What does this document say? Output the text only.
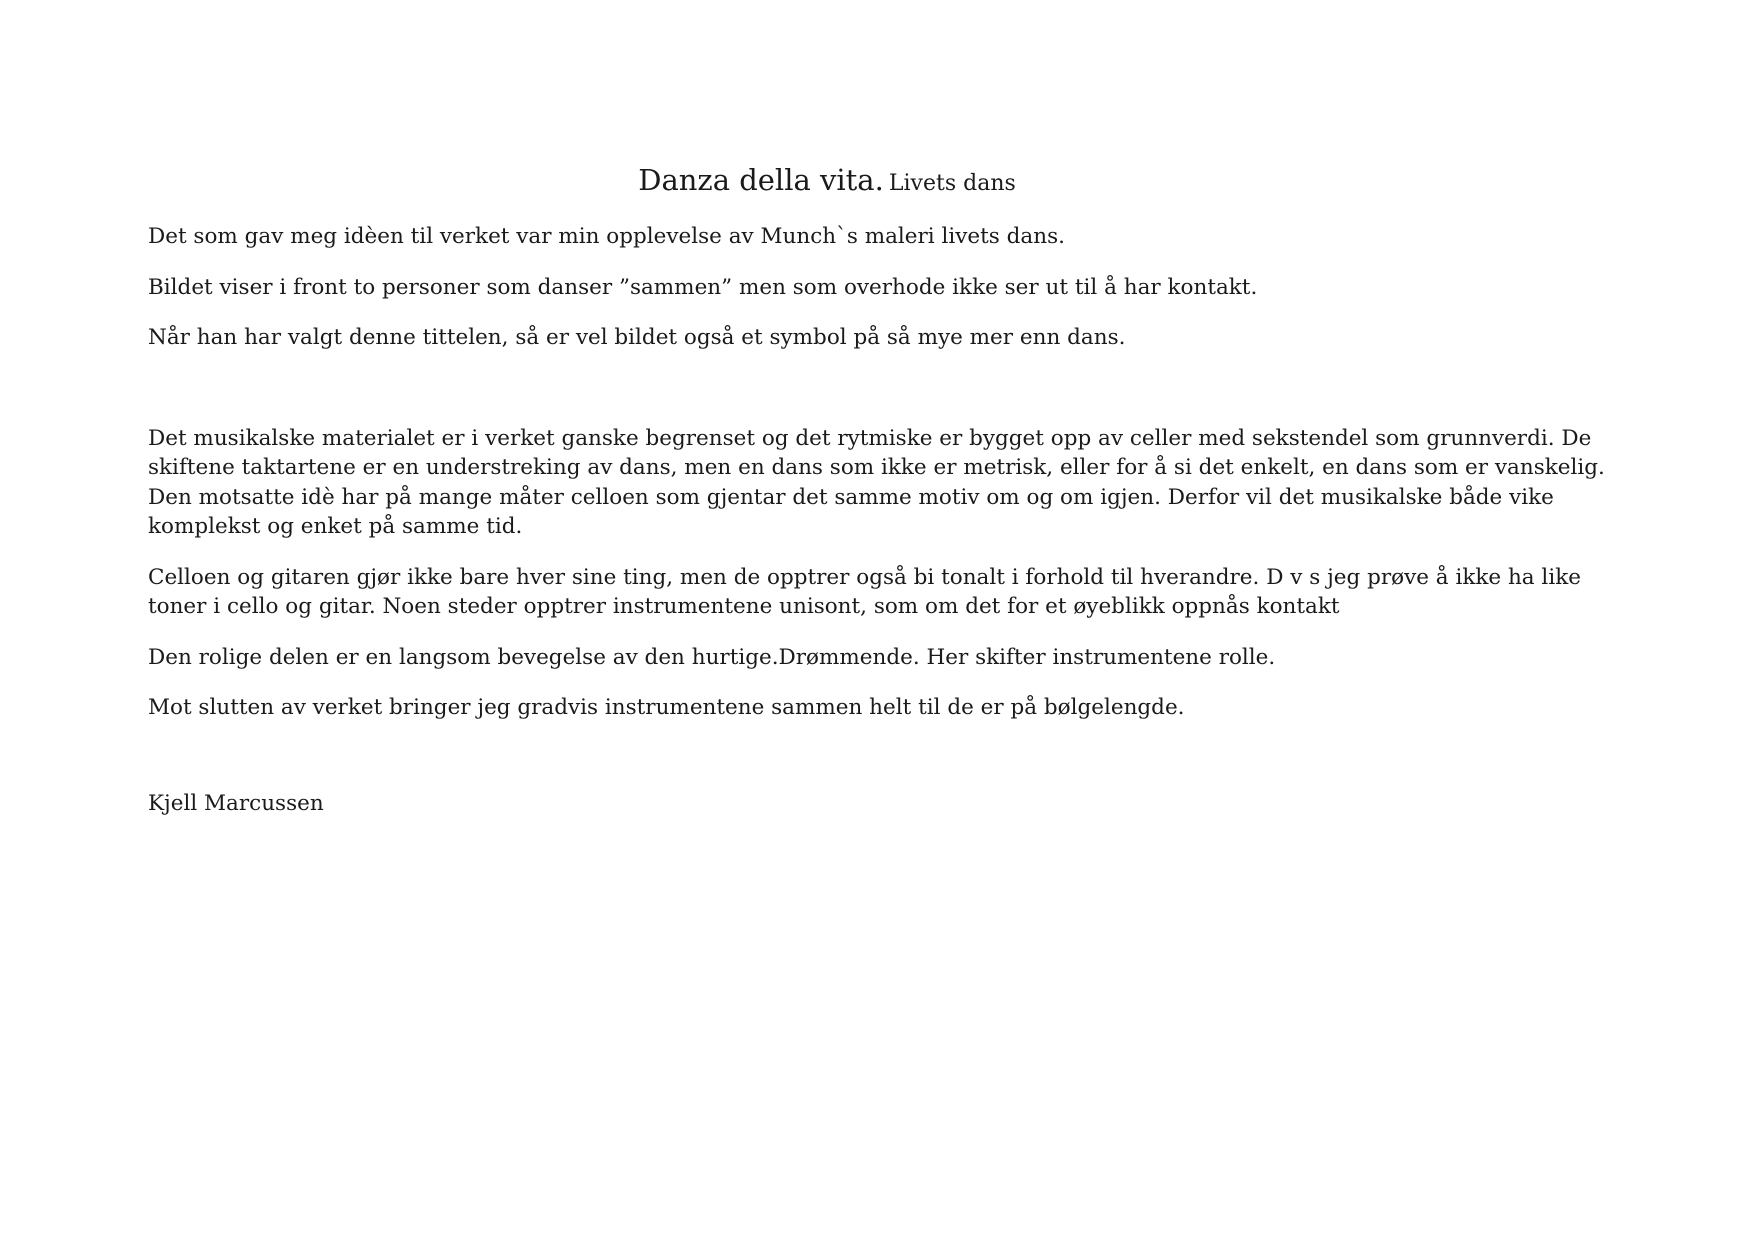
Danza della vita. Livets dans

Det som gav meg idèen til verket var min opplevelse av Munch`s maleri livets dans.

Bildet viser i front to personer som danser ”sammen” men som overhode ikke ser ut til å har kontakt.

Når han har valgt denne tittelen, så er vel bildet også et symbol på så mye mer enn dans.

Det musikalske materialet er i verket ganske begrenset og det rytmiske er bygget opp av celler med sekstendel som grunnverdi. De skiftene taktartene er en understreking av dans, men en dans som ikke er metrisk, eller for å si det enkelt, en dans som er vanskelig. Den motsatte idè har på mange måter celloen som gjentar det samme motiv om og om igjen. Derfor vil det musikalske både vike komplekst og enket på samme tid.

Celloen og gitaren gjør ikke bare hver sine ting, men de opptrer også bi tonalt i forhold til hverandre. D v s jeg prøve å ikke ha like toner i cello og gitar. Noen steder opptrer instrumentene unisont, som om det for et øyeblikk oppnås kontakt

Den rolige delen er en langsom bevegelse av den hurtige.Drømmende. Her skifter instrumentene rolle.

Mot slutten av verket bringer jeg gradvis instrumentene sammen helt til de er på bølgelengde.

Kjell Marcussen
